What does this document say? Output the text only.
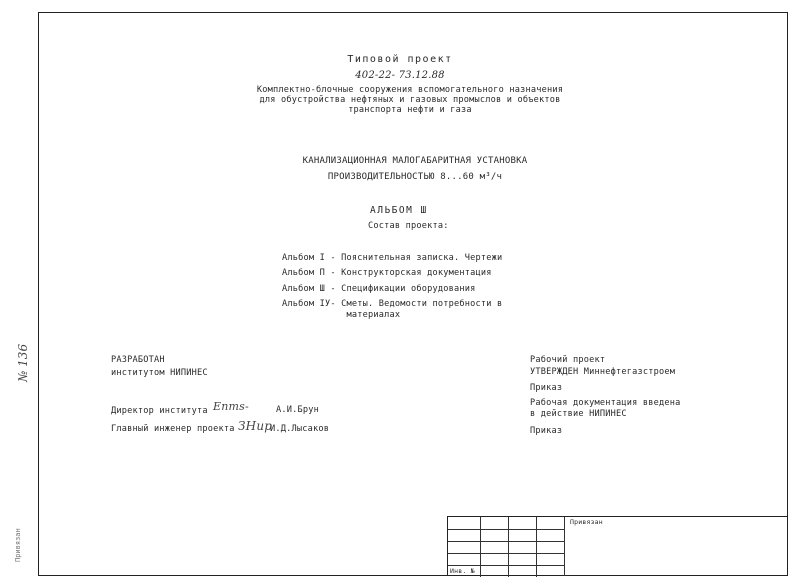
Типовой проект
402-22- 73.12.88
Комплектно-блочные сооружения вспомогательного назначения
для обустройства нефтяных и газовых промыслов и объектов
транспорта нефти и газа
КАНАЛИЗАЦИОННАЯ МАЛОГАБАРИТНАЯ УСТАНОВКА
ПРОИЗВОДИТЕЛЬНОСТЬЮ 8...60 м³/ч
АЛЬБОМ Ш
Состав проекта:
Альбом I - Пояснительная записка. Чертежи
Альбом П - Конструкторская документация
Альбом Ш - Спецификации оборудования
Альбом IУ- Сметы. Ведомости потребности в
материалах
РАЗРАБОТАН
институтом НИПИНЕС
Директор института Enms-	А.И.Брун
Главный инженер проекта ЗНир
И.Д.Лысаков
Рабочий проект
УТВЕРЖДЕН Миннефтегазстроем
Приказ
Рабочая документация введена
в действие НИПИНЕС
Приказ
№ 136
Привязан
Привязан
Инв. №
